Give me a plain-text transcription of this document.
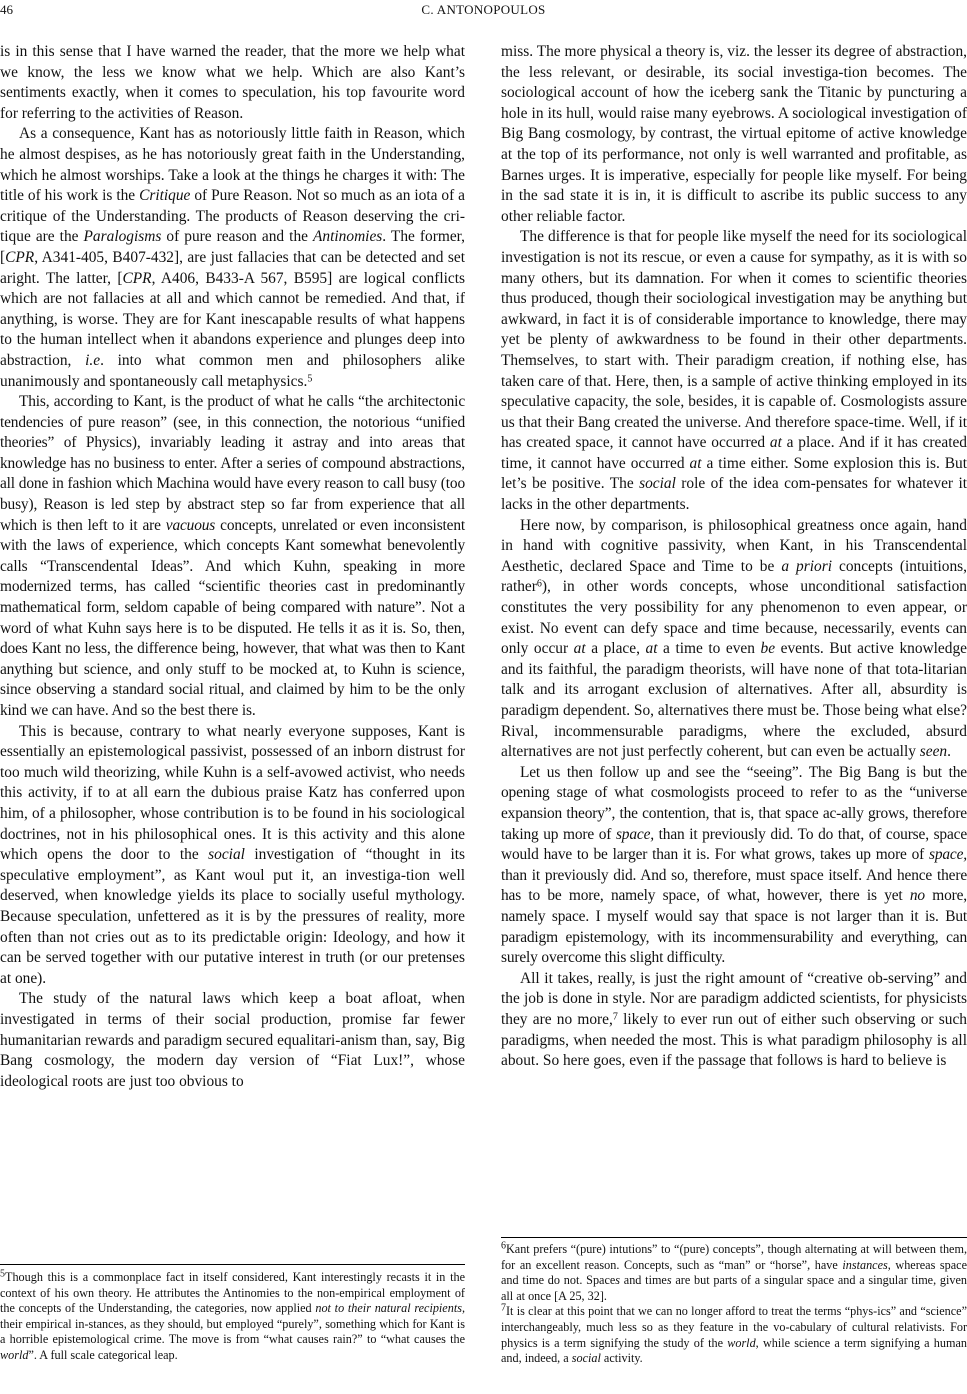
46	C. ANTONOPOULOS

is in this sense that I have warned the reader, that the more we help what we know, the less we know what we help. Which are also Kant’s sentiments exactly, when it comes to speculation, his top favourite word for referring to the activities of Reason.

As a consequence, Kant has as notoriously little faith in Reason, which he almost despises, as he has notoriously great faith in the Understanding, which he almost worships. Take a look at the things he charges it with: The title of his work is the Critique of Pure Reason. Not so much as an iota of a critique of the Understanding. The products of Reason deserving the cri-tique are the Paralogisms of pure reason and the Antinomies. The former, [CPR, A341-405, B407-432], are just fallacies that can be detected and set aright. The latter, [CPR, A406, B433-A 567, B595] are logical conflicts which are not fallacies at all and which cannot be remedied. And that, if anything, is worse. They are for Kant inescapable results of what happens to the human intellect when it abandons experience and plunges deep into abstraction, i.e. into what common men and philosophers alike unanimously and spontaneously call metaphysics.$^5$

This, according to Kant, is the product of what he calls “the architectonic tendencies of pure reason” (see, in this connection, the notorious “unified theories” of Physics), invariably leading it astray and into areas that knowledge has no business to enter. After a series of compound abstractions, all done in fashion which Machina would have every reason to call busy (too busy), Reason is led step by abstract step so far from experience that all which is then left to it are vacuous concepts, unrelated or even inconsistent with the laws of experience, which concepts Kant somewhat benevolently calls “Transcendental Ideas”. And which Kuhn, speaking in more modernized terms, has called “scientific theories cast in predominantly mathematical form, seldom capable of being compared with nature”. Not a word of what Kuhn says here is to be disputed. He tells it as it is. So, then, does Kant no less, the difference being, however, that what was then to Kant anything but science, and only stuff to be mocked at, to Kuhn is science, since observing a standard social ritual, and claimed by him to be the only kind we can have. And so the best there is.

This is because, contrary to what nearly everyone supposes, Kant is essentially an epistemological passivist, possessed of an inborn distrust for too much wild theorizing, while Kuhn is a self-avowed activist, who needs this activity, if to at all earn the dubious praise Katz has conferred upon him, of a philosopher, whose contribution is to be found in his sociological doctrines, not in his philosophical ones. It is this activity and this alone which opens the door to the social investigation of “thought in its speculative employment”, as Kant woul put it, an investiga-tion well deserved, when knowledge yields its place to socially useful mythology. Because speculation, unfettered as it is by the pressures of reality, more often than not cries out as to its predictable origin: Ideology, and how it can be served together with our putative interest in truth (or our pretenses at one).

The study of the natural laws which keep a boat afloat, when investigated in terms of their social production, promise far fewer humanitarian rewards and paradigm secured equalitari-anism than, say, Big Bang cosmology, the modern day version of “Fiat Lux!”, whose ideological roots are just too obvious to

$^5$Though this is a commonplace fact in itself considered, Kant interestingly recasts it in the context of his own theory. He attributes the Antinomies to the non-empirical employment of the concepts of the Understanding, the categories, now applied not to their natural recipients, their empirical in-stances, as they should, but employed “purely”, something which for Kant is a horrible epistemological crime. The move is from “what causes rain?” to “what causes the world”. A full scale categorical leap.

miss. The more physical a theory is, viz. the lesser its degree of abstraction, the less relevant, or desirable, its social investiga-tion becomes. The sociological account of how the iceberg sank the Titanic by puncturing a hole in its hull, would raise many eyebrows. A sociological investigation of Big Bang cosmology, by contrast, the virtual epitome of active knowledge at the top of its performance, not only is well warranted and profitable, as Barnes urges. It is imperative, especially for people like myself. For being in the sad state it is in, it is difficult to ascribe its public success to any other reliable factor.

The difference is that for people like myself the need for its sociological investigation is not its rescue, or even a cause for sympathy, as it is with so many others, but its damnation. For when it comes to scientific theories thus produced, though their sociological investigation may be anything but awkward, in fact it is of considerable importance to knowledge, there may yet be plenty of awkwardness to be found in their other departments. Themselves, to start with. Their paradigm creation, if nothing else, has taken care of that. Here, then, is a sample of active thinking employed in its speculative capacity, the sole, besides, it is capable of. Cosmologists assure us that their Bang created the universe. And therefore space-time. Well, if it has created space, it cannot have occurred at a place. And if it has created time, it cannot have occurred at a time either. Some explosion this is. But let’s be positive. The social role of the idea com-pensates for whatever it lacks in the other departments.

Here now, by comparison, is philosophical greatness once again, hand in hand with cognitive passivity, when Kant, in his Transcendental Aesthetic, declared Space and Time to be a priori concepts (intuitions, rather$^6$), in other words concepts, whose unconditional satisfaction constitutes the very possibility for any phenomenon to even appear, or exist. No event can defy space and time because, necessarily, events can only occur at a place, at a time to even be events. But active knowledge and its faithful, the paradigm theorists, will have none of that tota-litarian talk and its arrogant exclusion of alternatives. After all, absurdity is paradigm dependent. So, alternatives there must be. Those being what else? Rival, incommensurable paradigms, where the excluded, absurd alternatives are not just perfectly coherent, but can even be actually seen.

Let us then follow up and see the “seeing”. The Big Bang is but the opening stage of what cosmologists proceed to refer to as the “universe expansion theory”, the contention, that is, that space ac-ally grows, therefore taking up more of space, than it previously did. To do that, of course, space would have to be larger than it is. For what grows, takes up more of space, than it previously did. And so, therefore, must space itself. And hence there has to be more, namely space, of what, however, there is yet no more, namely space. I myself would say that space is not larger than it is. But paradigm epistemology, with its incommensurability and everything, can surely overcome this slight difficulty.

All it takes, really, is just the right amount of “creative ob-serving” and the job is done in style. Nor are paradigm addicted scientists, for physicists they are no more,$^7$ likely to ever run out of either such observing or such paradigms, when needed the most. This is what paradigm philosophy is all about. So here goes, even if the passage that follows is hard to believe is

$^6$Kant prefers “(pure) intutions” to “(pure) concepts”, though alternating at will between them, for an excellent reason. Concepts, such as “man” or “horse”, have instances, whereas space and time do not. Spaces and times are but parts of a singular space and a singular time, given all at once [A 25, 32].

$^7$It is clear at this point that we can no longer afford to treat the terms “phys-ics” and “science” interchangeably, much less so as they feature in the vo-cabulary of cultural relativists. For physics is a term signifying the study of the world, while science a term signifying a human and, indeed, a social activity.
